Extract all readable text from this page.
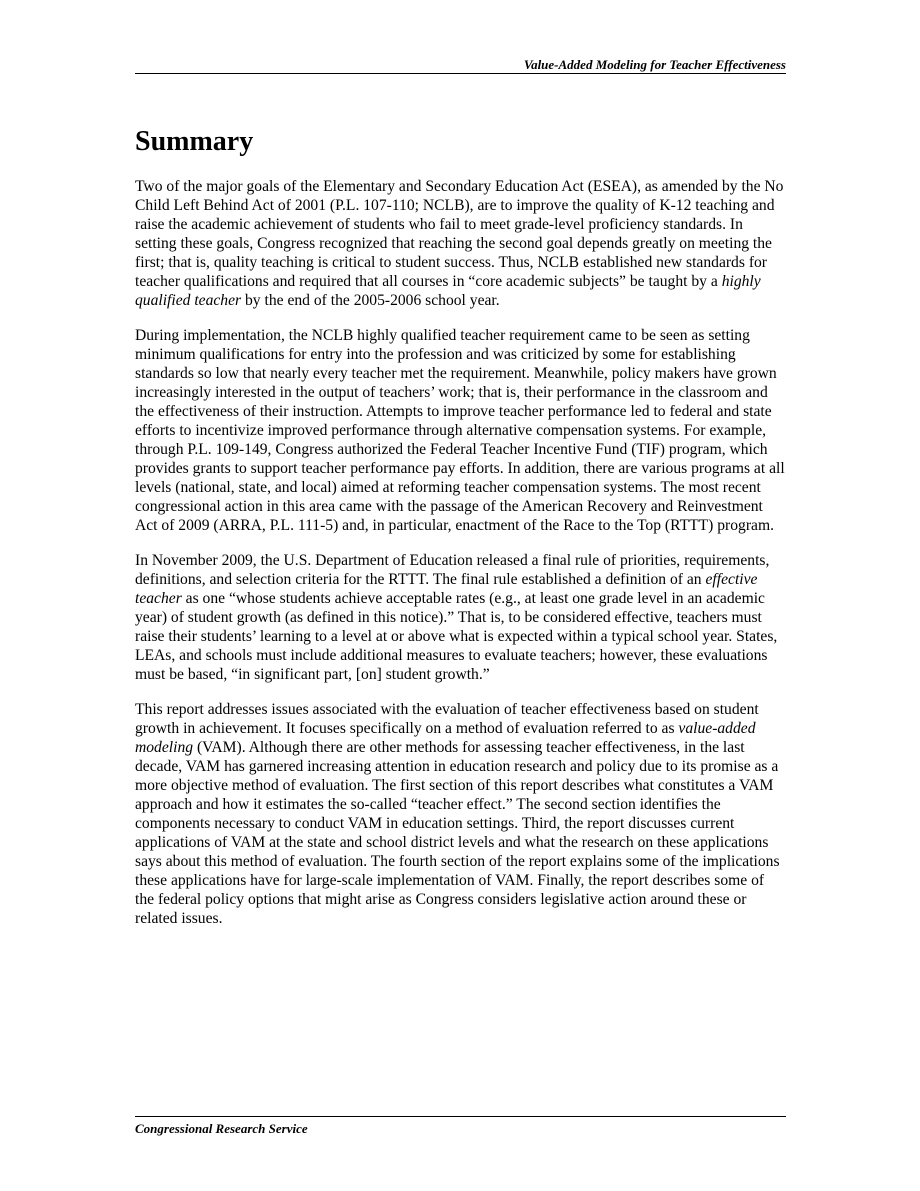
Value-Added Modeling for Teacher Effectiveness
Summary

Two of the major goals of the Elementary and Secondary Education Act (ESEA), as amended by the No Child Left Behind Act of 2001 (P.L. 107-110; NCLB), are to improve the quality of K-12 teaching and raise the academic achievement of students who fail to meet grade-level proficiency standards. In setting these goals, Congress recognized that reaching the second goal depends greatly on meeting the first; that is, quality teaching is critical to student success. Thus, NCLB established new standards for teacher qualifications and required that all courses in “core academic subjects” be taught by a highly qualified teacher by the end of the 2005-2006 school year.

During implementation, the NCLB highly qualified teacher requirement came to be seen as setting minimum qualifications for entry into the profession and was criticized by some for establishing standards so low that nearly every teacher met the requirement. Meanwhile, policy makers have grown increasingly interested in the output of teachers’ work; that is, their performance in the classroom and the effectiveness of their instruction. Attempts to improve teacher performance led to federal and state efforts to incentivize improved performance through alternative compensation systems. For example, through P.L. 109-149, Congress authorized the Federal Teacher Incentive Fund (TIF) program, which provides grants to support teacher performance pay efforts. In addition, there are various programs at all levels (national, state, and local) aimed at reforming teacher compensation systems. The most recent congressional action in this area came with the passage of the American Recovery and Reinvestment Act of 2009 (ARRA, P.L. 111-5) and, in particular, enactment of the Race to the Top (RTTT) program.

In November 2009, the U.S. Department of Education released a final rule of priorities, requirements, definitions, and selection criteria for the RTTT. The final rule established a definition of an effective teacher as one “whose students achieve acceptable rates (e.g., at least one grade level in an academic year) of student growth (as defined in this notice).” That is, to be considered effective, teachers must raise their students’ learning to a level at or above what is expected within a typical school year. States, LEAs, and schools must include additional measures to evaluate teachers; however, these evaluations must be based, “in significant part, [on] student growth.”

This report addresses issues associated with the evaluation of teacher effectiveness based on student growth in achievement. It focuses specifically on a method of evaluation referred to as value-added modeling (VAM). Although there are other methods for assessing teacher effectiveness, in the last decade, VAM has garnered increasing attention in education research and policy due to its promise as a more objective method of evaluation. The first section of this report describes what constitutes a VAM approach and how it estimates the so-called “teacher effect.” The second section identifies the components necessary to conduct VAM in education settings. Third, the report discusses current applications of VAM at the state and school district levels and what the research on these applications says about this method of evaluation. The fourth section of the report explains some of the implications these applications have for large-scale implementation of VAM. Finally, the report describes some of the federal policy options that might arise as Congress considers legislative action around these or related issues.

Congressional Research Service
